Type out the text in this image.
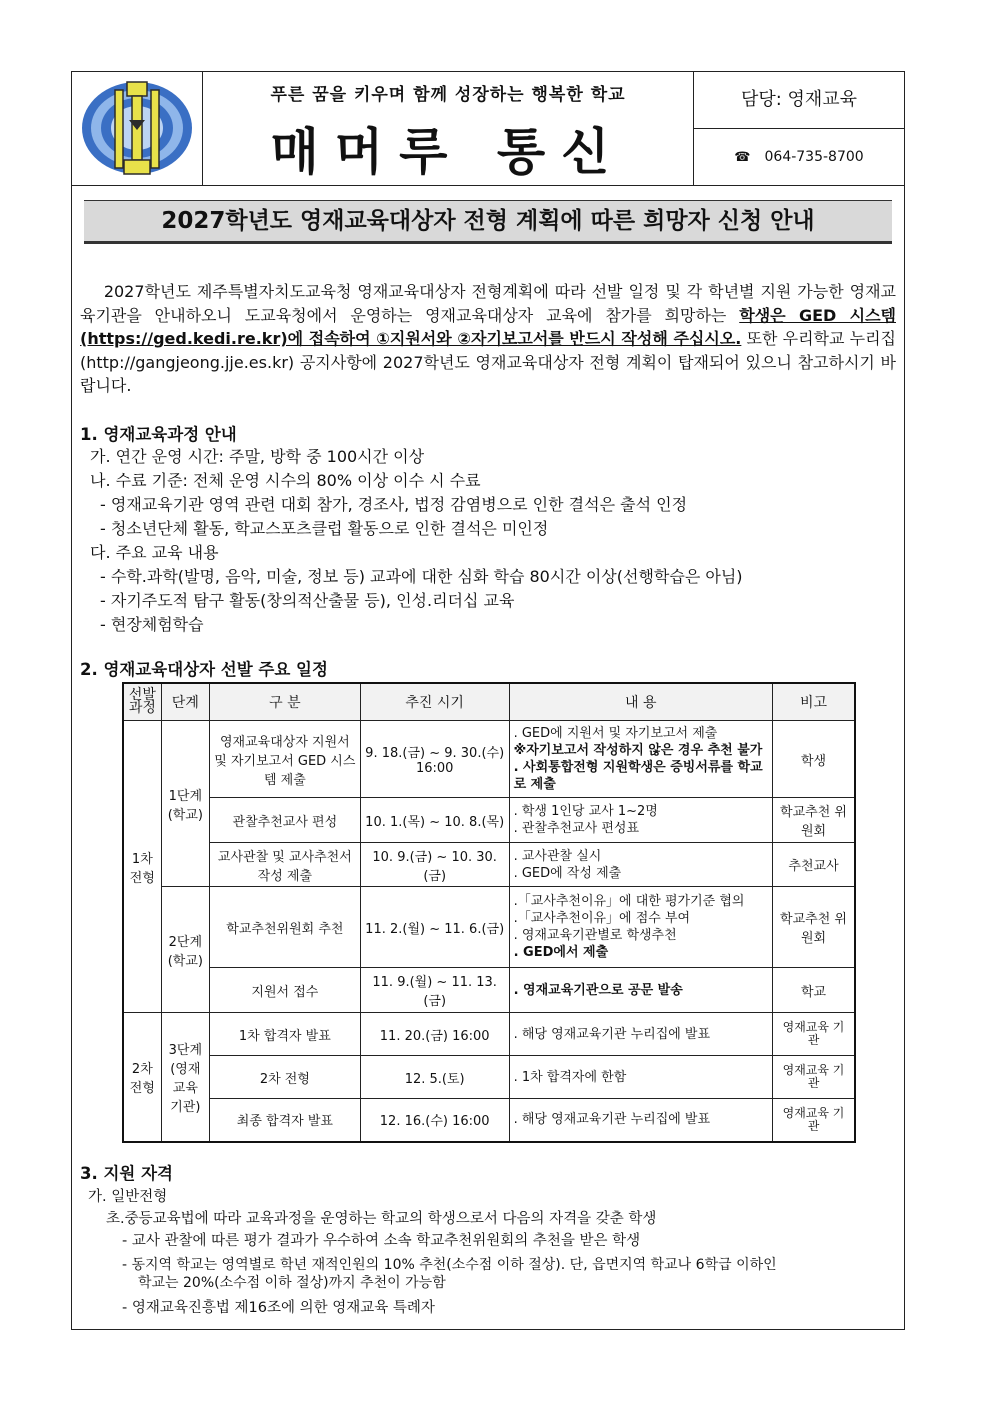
푸른 꿈을 키우며 함께 성장하는 행복한 학교
매머루 통신
담당: 영재교육
☎ 064-735-8700
2027학년도 영재교육대상자 전형 계획에 따른 희망자 신청 안내
2027학년도 제주특별자치도교육청 영재교육대상자 전형계획에 따라 선발 일정 및 각 학년별 지원 가능한 영재교육기관을 안내하오니 도교육청에서 운영하는 영재교육대상자 교육에 참가를 희망하는 학생은 GED 시스템(https://ged.kedi.re.kr)에 접속하여 ①지원서와 ②자기보고서를 반드시 작성해 주십시오. 또한 우리학교 누리집(http://gangjeong.jje.es.kr) 공지사항에 2027학년도 영재교육대상자 전형 계획이 탑재되어 있으니 참고하시기 바랍니다.
1. 영재교육과정 안내
가. 연간 운영 시간: 주말, 방학 중 100시간 이상
나. 수료 기준: 전체 운영 시수의 80% 이상 이수 시 수료
- 영재교육기관 영역 관련 대회 참가, 경조사, 법정 감염병으로 인한 결석은 출석 인정
- 청소년단체 활동, 학교스포츠클럽 활동으로 인한 결석은 미인정
다. 주요 교육 내용
- 수학.과학(발명, 음악, 미술, 정보 등) 교과에 대한 심화 학습 80시간 이상(선행학습은 아님)
- 자기주도적 탐구 활동(창의적산출물 등), 인성.리더십 교육
- 현장체험학습
2. 영재교육대상자 선발 주요 일정
선발 과정	단계	구 분	추진 시기	내 용	비고
1차 전형	1단계 (학교)	영재교육대상자 지원서 및 자기보고서 GED 시스템 제출	9. 18.(금) ~ 9. 30.(수) 16:00	. GED에 지원서 및 자기보고서 제출
※자기보고서 작성하지 않은 경우 추천 불가
. 사회통합전형 지원학생은 증빙서류를 학교로 제출	학생
		관찰추천교사 편성	10. 1.(목) ~ 10. 8.(목)	. 학생 1인당 교사 1~2명
. 관찰추천교사 편성표	학교추천 위원회
		교사관찰 및 교사추천서 작성 제출	10. 9.(금) ~ 10. 30.(금)	. 교사관찰 실시
. GED에 작성 제출	추천교사
	2단계 (학교)	학교추천위원회 추천	11. 2.(월) ~ 11. 6.(금)	.「교사추천이유」에 대한 평가기준 협의
.「교사추천이유」에 점수 부여
. 영재교육기관별로 학생추천
. GED에서 제출	학교추천 위원회
		지원서 접수	11. 9.(월) ~ 11. 13.(금)	. 영재교육기관으로 공문 발송	학교
2차 전형	3단계 (영재 교육 기관)	1차 합격자 발표	11. 20.(금) 16:00	. 해당 영재교육기관 누리집에 발표	영재교육 기 관
		2차 전형	12. 5.(토)	. 1차 합격자에 한함	영재교육 기 관
		최종 합격자 발표	12. 16.(수) 16:00	. 해당 영재교육기관 누리집에 발표	영재교육 기 관
3. 지원 자격
가. 일반전형
초.중등교육법에 따라 교육과정을 운영하는 학교의 학생으로서 다음의 자격을 갖춘 학생
- 교사 관찰에 따른 평가 결과가 우수하여 소속 학교추천위원회의 추천을 받은 학생
- 동지역 학교는 영역별로 학년 재적인원의 10% 추천(소수점 이하 절상). 단, 읍면지역 학교나 6학급 이하인
학교는 20%(소수점 이하 절상)까지 추천이 가능함
- 영재교육진흥법 제16조에 의한 영재교육 특례자
